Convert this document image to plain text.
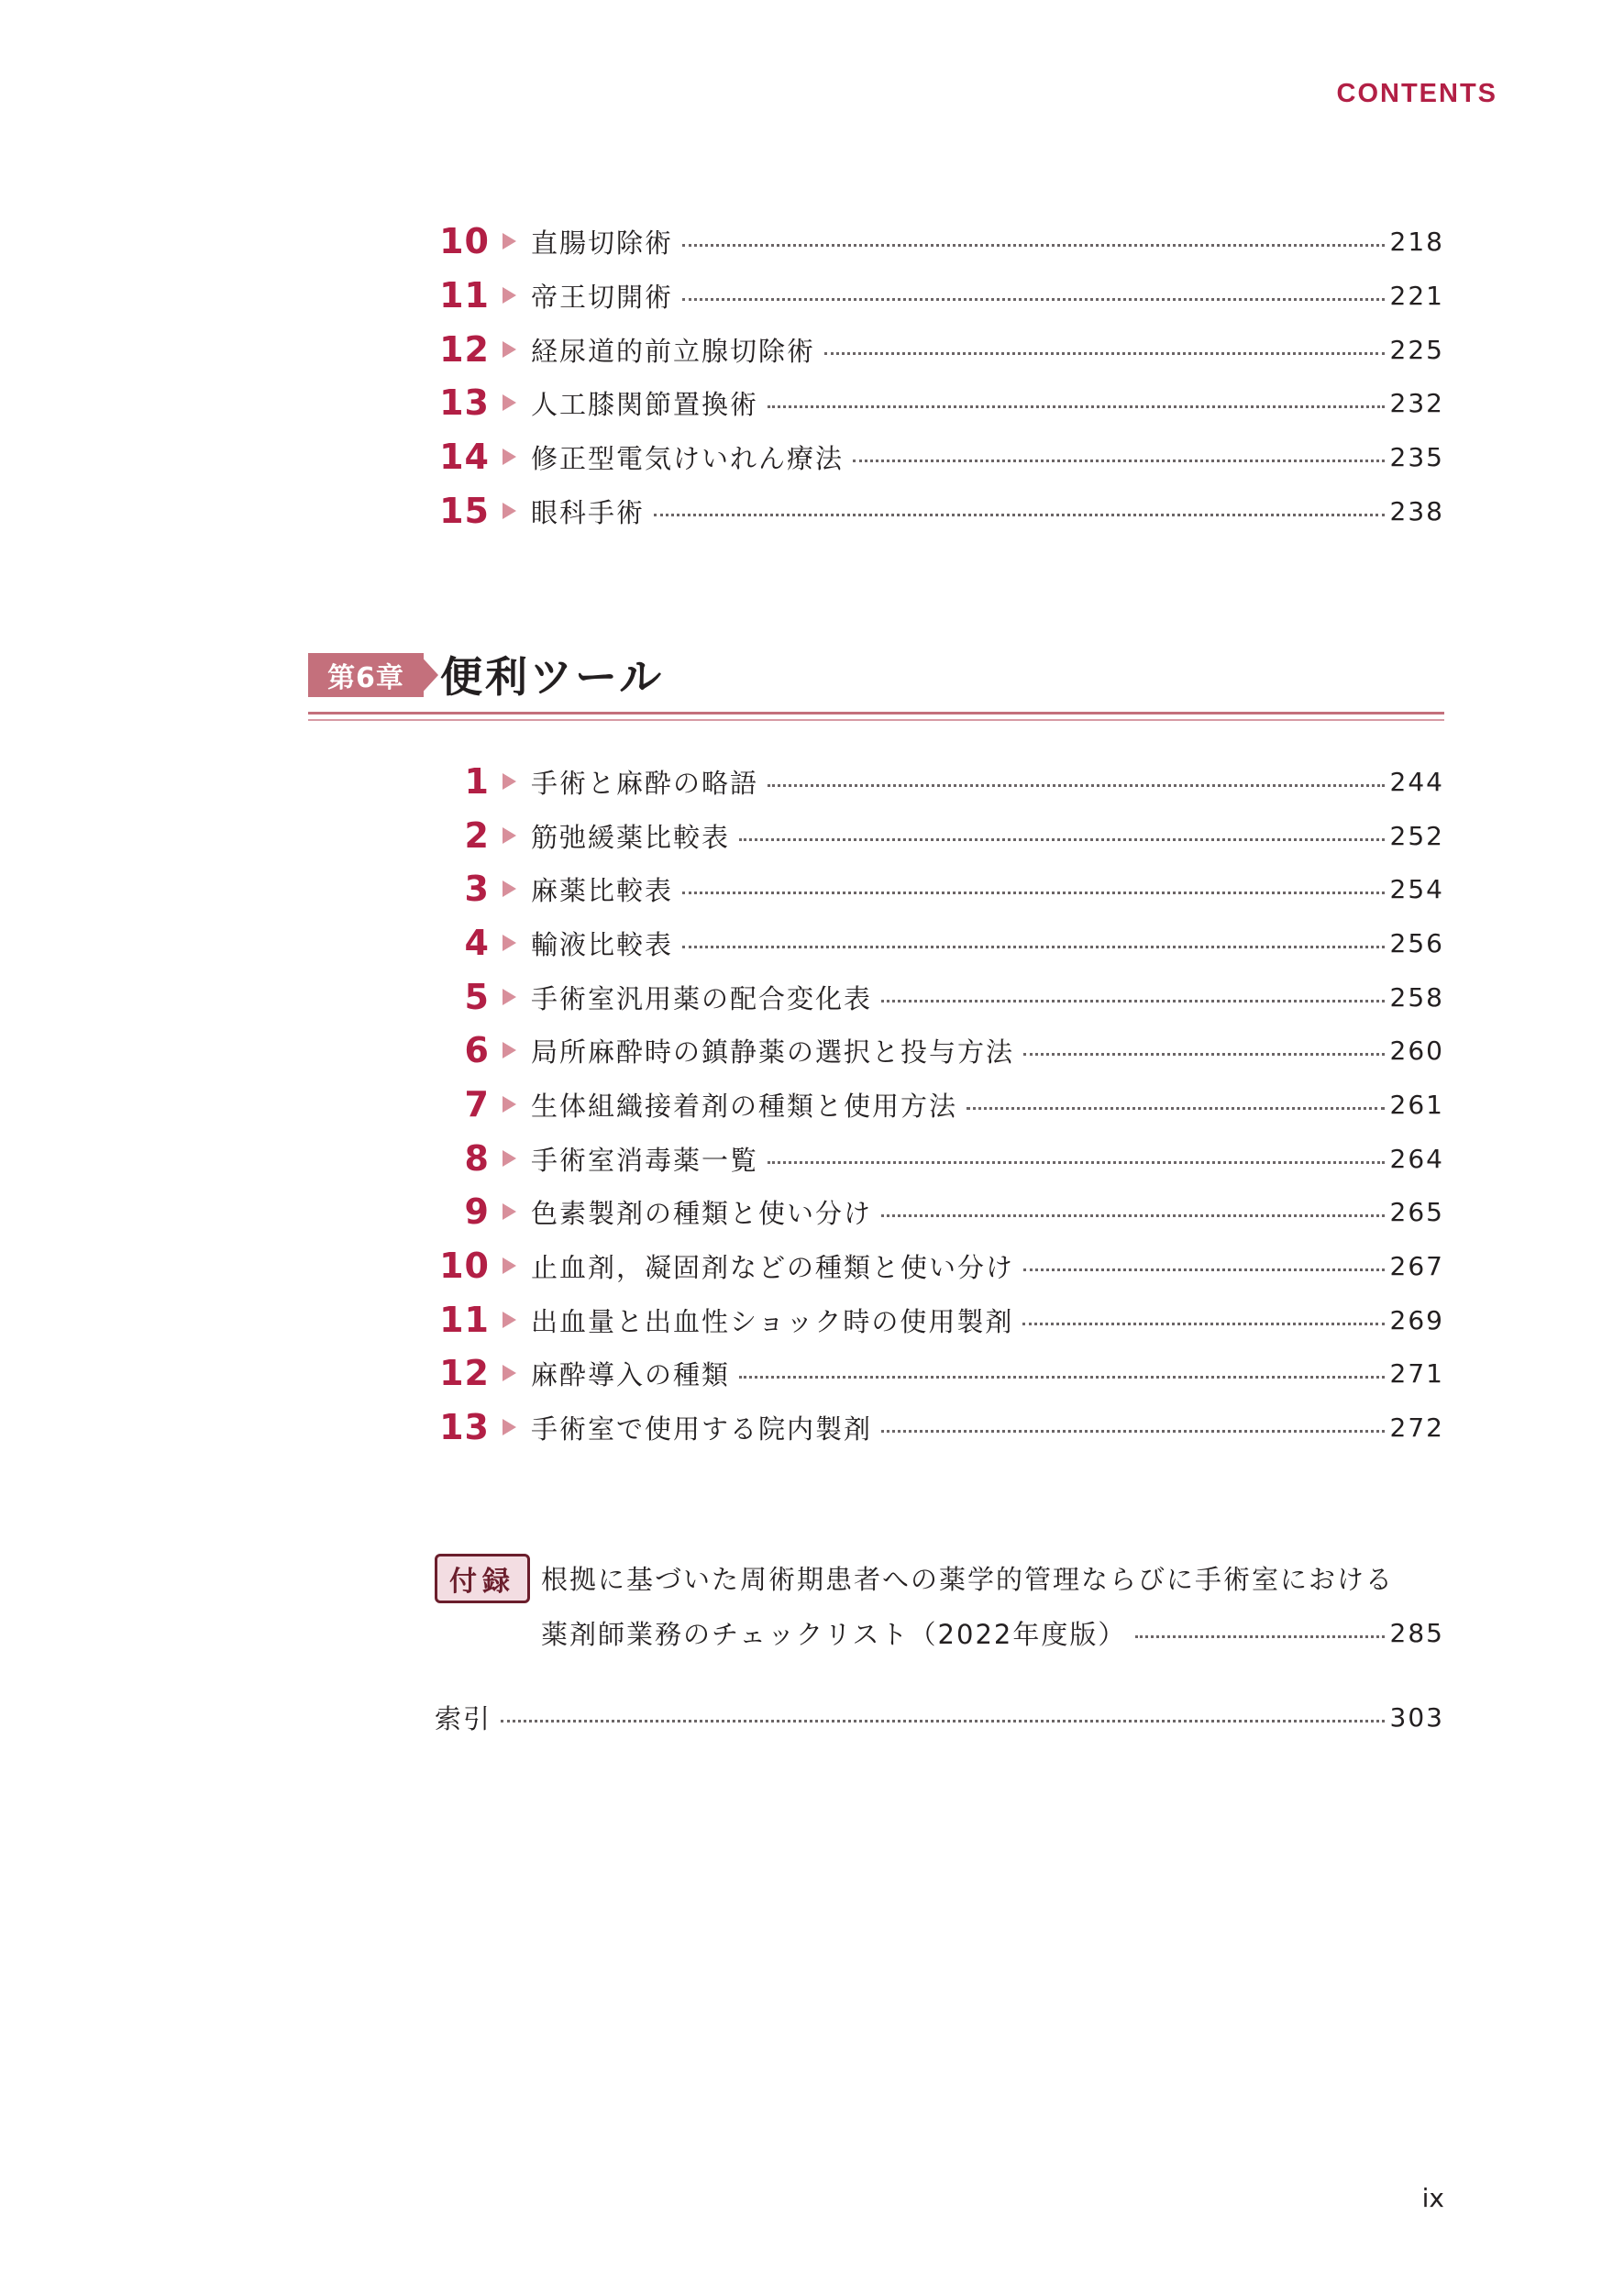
CONTENTS
10 直腸切除術	218
11 帝王切開術	221
12 経尿道的前立腺切除術	225
13 人工膝関節置換術	232
14 修正型電気けいれん療法	235
15 眼科手術	238
第6章 便利ツール
1 手術と麻酔の略語	244
2 筋弛緩薬比較表	252
3 麻薬比較表	254
4 輸液比較表	256
5 手術室汎用薬の配合変化表	258
6 局所麻酔時の鎮静薬の選択と投与方法	260
7 生体組織接着剤の種類と使用方法	261
8 手術室消毒薬一覧	264
9 色素製剤の種類と使い分け	265
10 止血剤，凝固剤などの種類と使い分け	267
11 出血量と出血性ショック時の使用製剤	269
12 麻酔導入の種類	271
13 手術室で使用する院内製剤	272
付録 根拠に基づいた周術期患者への薬学的管理ならびに手術室における
薬剤師業務のチェックリスト（2022年度版）	285
索引	303
ix
